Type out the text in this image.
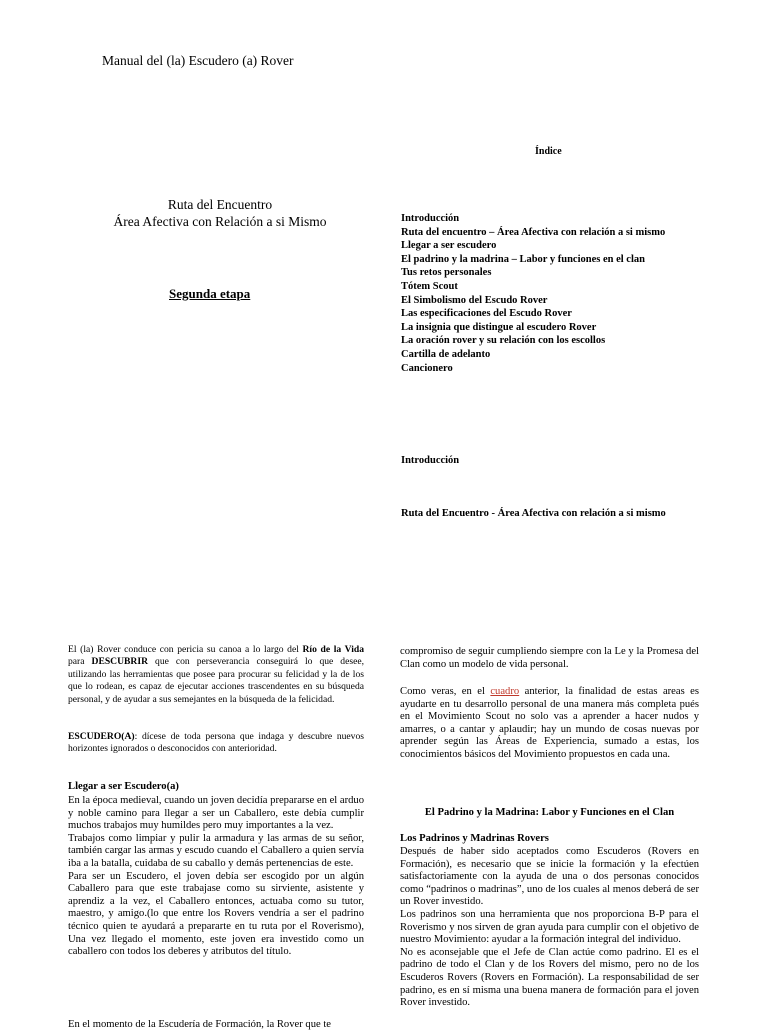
Manual del (la) Escudero (a) Rover
Índice
Ruta del Encuentro
Área Afectiva con Relación a si Mismo
Segunda etapa
Introducción
Ruta del encuentro – Área Afectiva con relación a si mismo
Llegar a ser escudero
El padrino y la madrina – Labor y funciones en el clan
Tus retos personales
Tótem Scout
El Simbolismo del Escudo Rover
Las especificaciones del Escudo Rover
La insignia que distingue al escudero Rover
La oración rover y su relación con los escollos
Cartilla de adelanto
Cancionero
Introducción
Ruta del Encuentro - Área Afectiva con relación a si mismo

El (la) Rover conduce con pericia su canoa a lo largo del Río de la Vida para DESCUBRIR que con perseverancia conseguirá lo que desee, utilizando las herramientas que posee para procurar su felicidad y la de los que lo rodean, es capaz de ejecutar acciones trascendentes en su búsqueda personal, y de ayudar a sus semejantes en la búsqueda de la felicidad.

ESCUDERO(A): dícese de toda persona que indaga y descubre nuevos horizontes ignorados o desconocidos con anterioridad.

Llegar a ser Escudero(a)

En la época medieval, cuando un joven decidía prepararse en el arduo y noble camino para llegar a ser un Caballero, este debía cumplir muchos trabajos muy humildes pero muy importantes a la vez.

Trabajos como limpiar y pulir la armadura y las armas de su señor, también cargar las armas y escudo cuando el Caballero a quien servía iba a la batalla, cuidaba de su caballo y demás pertenencias de este.

Para ser un Escudero, el joven debía ser escogido por un algún Caballero para que este trabajase como su sirviente, asistente y aprendiz a la vez, el Caballero entonces, actuaba como su tutor, maestro, y amigo.(lo que entre los Rovers vendría a ser el padrino técnico quien te ayudará a prepararte en tu ruta por el Roverismo), Una vez llegado el momento, este joven era investido como un caballero con todos los deberes y atributos del título.

En el momento de la Escudería de Formación, la Rover que te
compromiso de seguir cumpliendo siempre con la Le y la Promesa del Clan como un modelo de vida personal.

Como veras, en el cuadro anterior, la finalidad de estas areas es ayudarte en tu desarrollo personal de una manera más completa pués en el Movimiento Scout no solo vas a aprender a hacer nudos y amarres, o a cantar y aplaudir; hay un mundo de cosas nuevas por aprender según las Áreas de Experiencia, sumado a estas, los conocimientos básicos del Movimiento propuestos en cada una.

El Padrino y la Madrina: Labor y Funciones en el Clan
Los Padrinos y Madrinas Rovers

Después de haber sido aceptados como Escuderos (Rovers en Formación), es necesario que se inicie la formación y la efectúen satisfactoriamente con la ayuda de una o dos personas conocidos como “padrinos o madrinas”, uno de los cuales al menos deberá de ser un Rover investido.

Los padrinos son una herramienta que nos proporciona B-P para el Roverismo y nos sirven de gran ayuda para cumplir con el objetivo de nuestro Movimiento: ayudar a la formación integral del individuo.

No es aconsejable que el Jefe de Clan actúe como padrino. El es el padrino de todo el Clan y de los Rovers del mismo, pero no de los Escuderos Rovers (Rovers en Formación). La responsabilidad de ser padrino, es en sí misma una buena manera de formación para el joven Rover investido.
